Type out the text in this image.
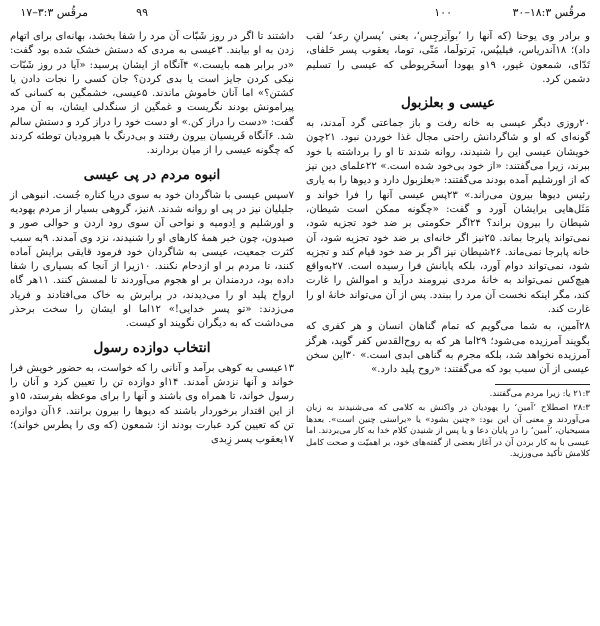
مرقُس ۱۸:۳–۳۰
۱۰۰
۹۹
مرقُس ۳:۳–۱۷

و برادر وی یوحنا (که آنها را ’بوآنِرجِس‘، یعنی ’پسرانِ رعد‘ لقب داد)؛ ۱۸آندریاس، فیلیپُس، بَرتولَما، مَتّی، توما، یعقوب پسر حَلفای، تَدّای، شمعون غیور، ۱۹و یهودا اَسخَریوطی که عیسی را تسلیم دشمن کرد.

عیسی و بعلزبول

۲۰روزی دیگر عیسی به خانه رفت و باز جماعتی گرد آمدند، به گونه‌ای که او و شاگردانش راحتی مجال غذا خوردن نبود. ۲۱چون خویشان عیسی این را شنیدند، روانه شدند تا او را برداشته با خود ببرند، زیرا می‌گفتند: «از خود بی‌خود شده است.» ۲۲علمای دین نیز که از اورشلیم آمده بودند می‌گفتند: «بعلزبول دارد و دیوها را به یاری رئیس دیوها بیرون می‌راند.» ۲۳پس عیسی آنها را فرا خواند و مَثَل‌هایی برایشان آورد و گفت: «چگونه ممکن است شیطان، شیطان را بیرون براند؟ ۲۴اگر حکومتی بر ضد خود تجزیه شود، نمی‌تواند پابرجا بماند. ۲۵نیز اگر خانه‌ای بر ضد خود تجزیه شود، آن خانه پابرجا نمی‌ماند. ۲۶شیطان نیز اگر بر ضد خود قیام کند و تجزیه شود، نمی‌تواند دوام آورد، بلکه پایانش فرا رسیده است. ۲۷به‌واقع هیچ‌کس نمی‌تواند به خانهٔ مردی نیرومند درآید و اموالش را غارت کند، مگر اینکه نخست آن مرد را ببندد. پس از آن می‌تواند خانهٔ او را غارت کند.

۲۸آمین، به شما می‌گویم که تمام گناهان انسان و هر کفری که بگویند آمرزیده می‌شود؛ ۲۹اما هر که به روح‌القدس کفر گوید، هرگز آمرزیده نخواهد شد، بلکه مجرم به گناهی ابدی است.» ۳۰این سخن عیسی از آن سبب بود که می‌گفتند: «روح پلید دارد.»

۲۱:۳ یا: زیرا مردم می‌گفتند.

۲۸:۳ اصطلاح ’آمین‘ را یهودیان در واکنش به کلامی که می‌شنیدند به زبان می‌آوردند و معنی آن این بود: «چنین بشود» یا «براستی چنین است». بعدها مسیحیان، ’آمین‘ را در پایان دعا و یا پس از شنیدن کلام خدا به کار می‌بردند. اما عیسی با به کار بردن آن در آغاز بعضی از گفته‌های خود، بر اهمیّت و صحت کامل کلامش تأکید می‌ورزید.

داشتند تا اگر در روز شَبّات آن مرد را شفا بخشد، بهانه‌ای برای اتهام زدن به او بیابند. ۳عیسی به مردی که دستش خشک شده بود گفت: «در برابر همه بایست.» ۴آنگاه از ایشان پرسید: «آیا در روز شَبّات نیکی کردن جایز است یا بدی کردن؟ جان کسی را نجات دادن یا کشتن؟» اما آنان خاموش ماندند. ۵عیسی، خشمگین به کسانی که پیرامونش بودند نگریست و غمگین از سنگدلی ایشان، به آن مرد گفت: «دست را دراز کن.» او دست خود را دراز کرد و دستش سالم شد. ۶آنگاه فَریسیان بیرون رفتند و بی‌درنگ با هیرودیان توطئه کردند که چگونه عیسی را از میان بردارند.

انبوه مردم در پی عیسی

۷سپس عیسی با شاگردان خود به سوی دریا کناره جُست. انبوهی از جلیلیان نیز در پی او روانه شدند. ۸نیز، گروهی بسیار از مردم یهودیه و اورشلیم و اِدومیه و نواحی آن سوی رود اردن و حوالی صور و صیدون، چون خبر همهٔ کارهای او را شنیدند، نزد وی آمدند. ۹به سبب کثرت جمعیت، عیسی به شاگردان خود فرمود قایقی برایش آماده کنند، تا مردم بر او ازدحام نکنند. ۱۰زیرا از آنجا که بسیاری را شفا داده بود، دردمندان بر او هجوم می‌آوردند تا لمسش کنند. ۱۱هر گاه ارواح پلید او را می‌دیدند، در برابرش به خاک می‌افتادند و فریاد می‌زدند: «تو پسر خدایی!» ۱۲اما او ایشان را سخت برحذر می‌داشت که به دیگران نگویند او کیست.

انتخاب دوازده رسول

۱۳عیسی به کوهی برآمد و آنانی را که خواست، به حضور خویش فرا خواند و آنها نزدش آمدند. ۱۴او دوازده تن را تعیین کرد و آنان را رسول خواند، تا همراه وی باشند و آنها را برای موعظه بفرستد، ۱۵و از این اقتدار برخوردار باشند که دیوها را بیرون برانند. ۱۶آن دوازده تن که تعیین کرد عبارت بودند از: شمعون (که وی را پطرس خواند)؛ ۱۷یعقوب پسر زِبدی
